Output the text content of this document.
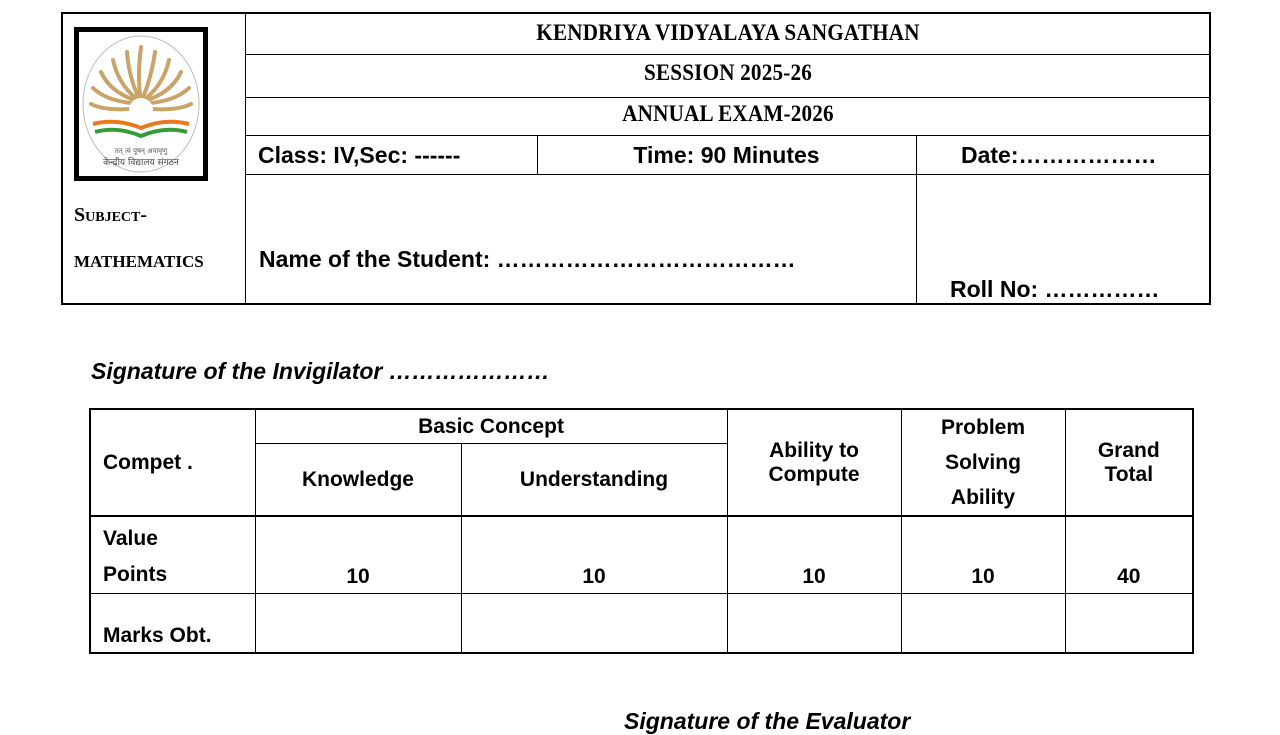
तत् त्वं पूषन् अपावृणु
केन्द्रीय विद्यालय संगठन
Subject-
MATHEMATICS
KENDRIYA VIDYALAYA SANGATHAN
SESSION 2025-26
ANNUAL EXAM-2026
Class: IV,Sec: ------	Time: 90 Minutes	Date:………………
Name of the Student: …………………………………
Roll No: ……………
Signature of the Invigilator …………………
Compet .	Basic Concept		Ability to Compute	Problem Solving Ability	Grand Total
	Knowledge	Understanding			

Value
Points	10	10	10	10	40
Marks Obt.					
Signature of the Evaluator
